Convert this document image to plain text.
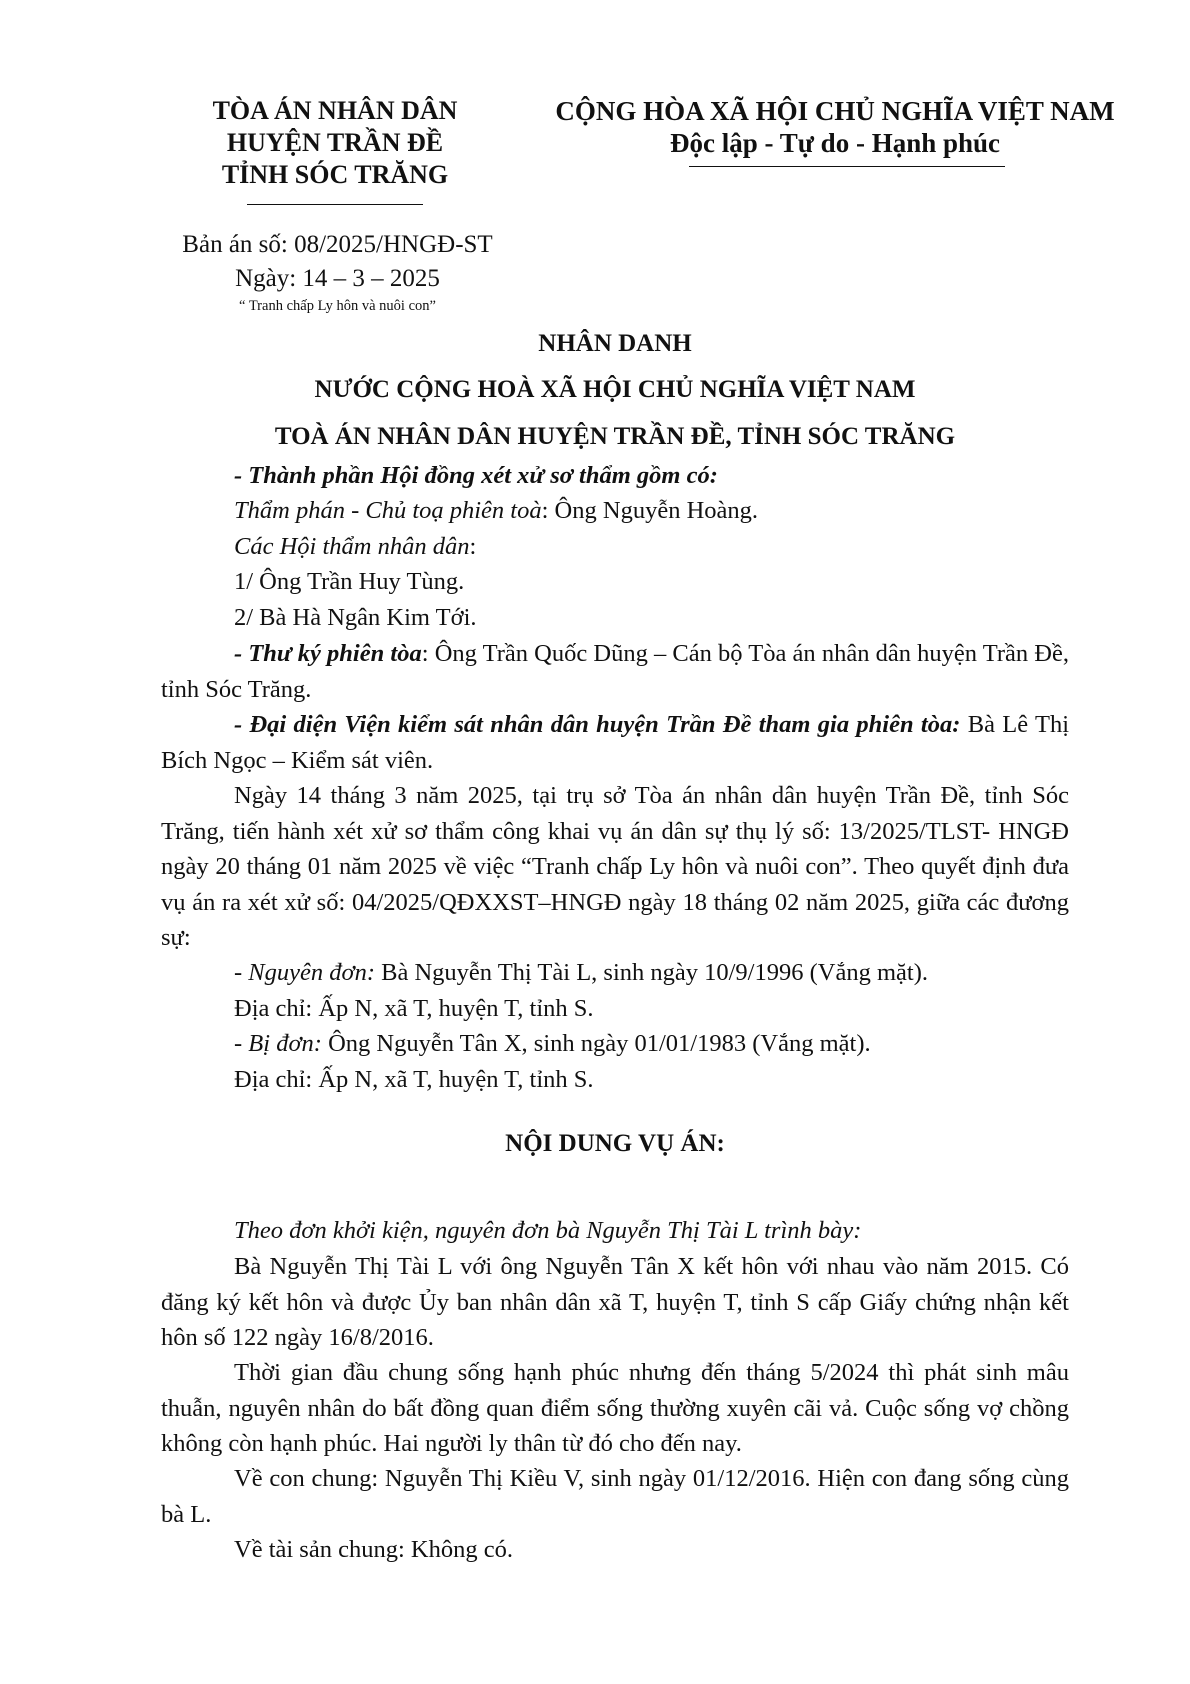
TÒA ÁN NHÂN DÂN
HUYỆN TRẦN ĐỀ
TỈNH SÓC TRĂNG
CỘNG HÒA XÃ HỘI CHỦ NGHĨA VIỆT NAM
Độc lập - Tự do - Hạnh phúc
Bản án số: 08/2025/HNGĐ-ST
Ngày: 14 – 3 – 2025
“ Tranh chấp Ly hôn và nuôi con”
NHÂN DANH
NƯỚC CỘNG HOÀ XÃ HỘI CHỦ NGHĨA VIỆT NAM
TOÀ ÁN NHÂN DÂN HUYỆN TRẦN ĐỀ, TỈNH SÓC TRĂNG
- Thành phần Hội đồng xét xử sơ thẩm gồm có:
Thẩm phán - Chủ toạ phiên toà: Ông Nguyễn Hoàng.
Các Hội thẩm nhân dân:
1/ Ông Trần Huy Tùng.
2/ Bà Hà Ngân Kim Tới.
- Thư ký phiên tòa: Ông Trần Quốc Dũng – Cán bộ Tòa án nhân dân huyện Trần Đề, tỉnh Sóc Trăng.
- Đại diện Viện kiểm sát nhân dân huyện Trần Đề tham gia phiên tòa: Bà Lê Thị Bích Ngọc – Kiểm sát viên.
Ngày 14 tháng 3 năm 2025, tại trụ sở Tòa án nhân dân huyện Trần Đề, tỉnh Sóc Trăng, tiến hành xét xử sơ thẩm công khai vụ án dân sự thụ lý số: 13/2025/TLST- HNGĐ ngày 20 tháng 01 năm 2025 về việc “Tranh chấp Ly hôn và nuôi con”. Theo quyết định đưa vụ án ra xét xử số: 04/2025/QĐXXST–HNGĐ ngày 18 tháng 02 năm 2025, giữa các đương sự:
- Nguyên đơn: Bà Nguyễn Thị Tài L, sinh ngày 10/9/1996 (Vắng mặt).
Địa chỉ: Ấp N, xã T, huyện T, tỉnh S.
- Bị đơn: Ông Nguyễn Tân X, sinh ngày 01/01/1983 (Vắng mặt).
Địa chỉ: Ấp N, xã T, huyện T, tỉnh S.
NỘI DUNG VỤ ÁN:
Theo đơn khởi kiện, nguyên đơn bà Nguyễn Thị Tài L trình bày:
Bà Nguyễn Thị Tài L với ông Nguyễn Tân X kết hôn với nhau vào năm 2015. Có đăng ký kết hôn và được Ủy ban nhân dân xã T, huyện T, tỉnh S cấp Giấy chứng nhận kết hôn số 122 ngày 16/8/2016.
Thời gian đầu chung sống hạnh phúc nhưng đến tháng 5/2024 thì phát sinh mâu thuẫn, nguyên nhân do bất đồng quan điểm sống thường xuyên cãi vả. Cuộc sống vợ chồng không còn hạnh phúc. Hai người ly thân từ đó cho đến nay.
Về con chung: Nguyễn Thị Kiều V, sinh ngày 01/12/2016. Hiện con đang sống cùng bà L.
Về tài sản chung: Không có.
